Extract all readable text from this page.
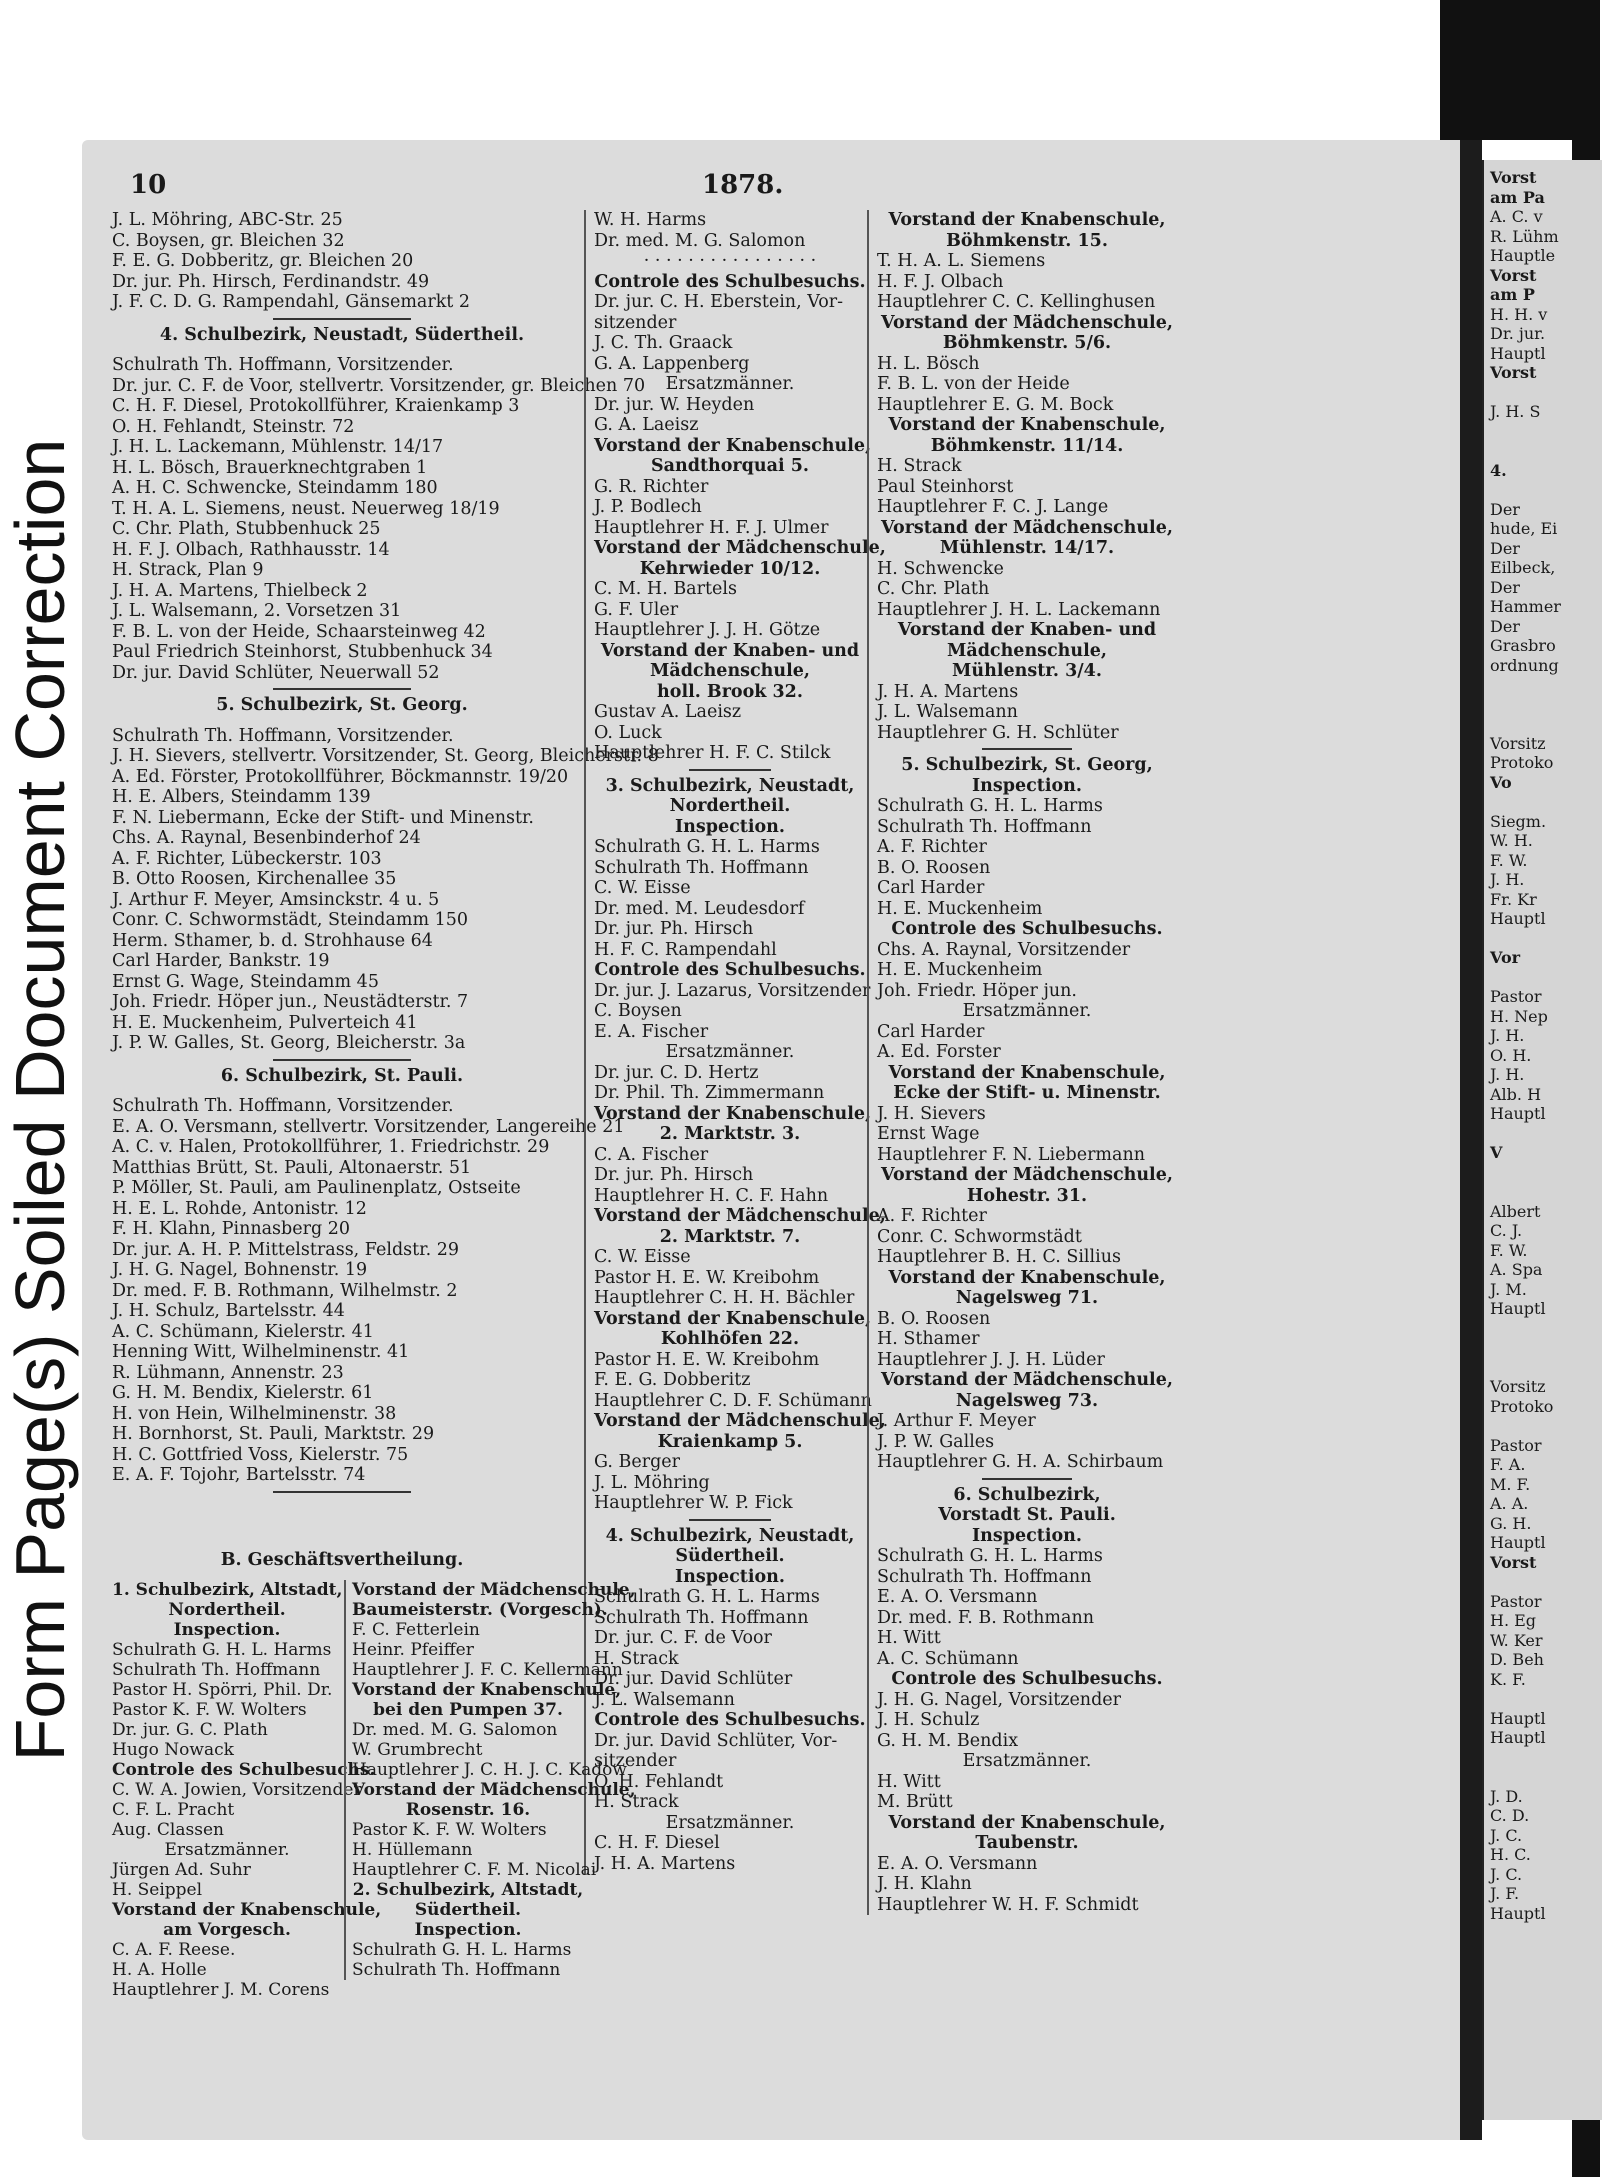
Form Page(s) Soiled Document Correction
10	1878.
J. L. Möhring, ABC-Str. 25
C. Boysen, gr. Bleichen 32
F. E. G. Dobberitz, gr. Bleichen 20
Dr. jur. Ph. Hirsch, Ferdinandstr. 49
J. F. C. D. G. Rampendahl, Gänsemarkt 2
4. Schulbezirk, Neustadt, Südertheil.
Schulrath Th. Hoffmann, Vorsitzender.
Dr. jur. C. F. de Voor, stellvertr. Vorsitzender, gr. Bleichen 70
C. H. F. Diesel, Protokollführer, Kraienkamp 3
O. H. Fehlandt, Steinstr. 72
J. H. L. Lackemann, Mühlenstr. 14/17
H. L. Bösch, Brauerknechtgraben 1
A. H. C. Schwencke, Steindamm 180
T. H. A. L. Siemens, neust. Neuerweg 18/19
C. Chr. Plath, Stubbenhuck 25
H. F. J. Olbach, Rathhausstr. 14
H. Strack, Plan 9
J. H. A. Martens, Thielbeck 2
J. L. Walsemann, 2. Vorsetzen 31
F. B. L. von der Heide, Schaarsteinweg 42
Paul Friedrich Steinhorst, Stubbenhuck 34
Dr. jur. David Schlüter, Neuerwall 52
5. Schulbezirk, St. Georg.
Schulrath Th. Hoffmann, Vorsitzender.
J. H. Sievers, stellvertr. Vorsitzender, St. Georg, Bleicherstr. 8
A. Ed. Förster, Protokollführer, Böckmannstr. 19/20
H. E. Albers, Steindamm 139
F. N. Liebermann, Ecke der Stift- und Minenstr.
Chs. A. Raynal, Besenbinderhof 24
A. F. Richter, Lübeckerstr. 103
B. Otto Roosen, Kirchenallee 35
J. Arthur F. Meyer, Amsinckstr. 4 u. 5
Conr. C. Schwormstädt, Steindamm 150
Herm. Sthamer, b. d. Strohhause 64
Carl Harder, Bankstr. 19
Ernst G. Wage, Steindamm 45
Joh. Friedr. Höper jun., Neustädterstr. 7
H. E. Muckenheim, Pulverteich 41
J. P. W. Galles, St. Georg, Bleicherstr. 3a
6. Schulbezirk, St. Pauli.
Schulrath Th. Hoffmann, Vorsitzender.
E. A. O. Versmann, stellvertr. Vorsitzender, Langereihe 21
A. C. v. Halen, Protokollführer, 1. Friedrichstr. 29
Matthias Brütt, St. Pauli, Altonaerstr. 51
P. Möller, St. Pauli, am Paulinenplatz, Ostseite
H. E. L. Rohde, Antonistr. 12
F. H. Klahn, Pinnasberg 20
Dr. jur. A. H. P. Mittelstrass, Feldstr. 29
J. H. G. Nagel, Bohnenstr. 19
Dr. med. F. B. Rothmann, Wilhelmstr. 2
J. H. Schulz, Bartelsstr. 44
A. C. Schümann, Kielerstr. 41
Henning Witt, Wilhelminenstr. 41
R. Lühmann, Annenstr. 23
G. H. M. Bendix, Kielerstr. 61
H. von Hein, Wilhelminenstr. 38
H. Bornhorst, St. Pauli, Marktstr. 29
H. C. Gottfried Voss, Kielerstr. 75
E. A. F. Tojohr, Bartelsstr. 74
W. H. Harms
Dr. med. M. G. Salomon
· · · · · · · · · · · · · · · ·
Controle des Schulbesuchs.
Dr. jur. C. H. Eberstein, Vor-
sitzender
J. C. Th. Graack
G. A. Lappenberg
Ersatzmänner.
Dr. jur. W. Heyden
G. A. Laeisz
Vorstand der Knabenschule,
Sandthorquai 5.
G. R. Richter
J. P. Bodlech
Hauptlehrer H. F. J. Ulmer
Vorstand der Mädchenschule,
Kehrwieder 10/12.
C. M. H. Bartels
G. F. Uler
Hauptlehrer J. J. H. Götze
Vorstand der Knaben- und
Mädchenschule,
holl. Brook 32.
Gustav A. Laeisz
O. Luck
Hauptlehrer H. F. C. Stilck
3. Schulbezirk, Neustadt,
Nordertheil.
Inspection.
Schulrath G. H. L. Harms
Schulrath Th. Hoffmann
C. W. Eisse
Dr. med. M. Leudesdorf
Dr. jur. Ph. Hirsch
H. F. C. Rampendahl
Controle des Schulbesuchs.
Dr. jur. J. Lazarus, Vorsitzender
C. Boysen
E. A. Fischer
Ersatzmänner.
Dr. jur. C. D. Hertz
Dr. Phil. Th. Zimmermann
Vorstand der Knabenschule,
2. Marktstr. 3.
C. A. Fischer
Dr. jur. Ph. Hirsch
Hauptlehrer H. C. F. Hahn
Vorstand der Mädchenschule,
2. Marktstr. 7.
C. W. Eisse
Pastor H. E. W. Kreibohm
Hauptlehrer C. H. H. Bächler
Vorstand der Knabenschule,
Kohlhöfen 22.
Pastor H. E. W. Kreibohm
F. E. G. Dobberitz
Hauptlehrer C. D. F. Schümann
Vorstand der Mädchenschule,
Kraienkamp 5.
G. Berger
J. L. Möhring
Hauptlehrer W. P. Fick
4. Schulbezirk, Neustadt,
Südertheil.
Inspection.
Schulrath G. H. L. Harms
Schulrath Th. Hoffmann
Dr. jur. C. F. de Voor
H. Strack
Dr. jur. David Schlüter
J. L. Walsemann
Controle des Schulbesuchs.
Dr. jur. David Schlüter, Vor-
sitzender
O. H. Fehlandt
H. Strack
Ersatzmänner.
C. H. F. Diesel
J. H. A. Martens
Vorstand der Knabenschule,
Böhmkenstr. 15.
T. H. A. L. Siemens
H. F. J. Olbach
Hauptlehrer C. C. Kellinghusen
Vorstand der Mädchenschule,
Böhmkenstr. 5/6.
H. L. Bösch
F. B. L. von der Heide
Hauptlehrer E. G. M. Bock
Vorstand der Knabenschule,
Böhmkenstr. 11/14.
H. Strack
Paul Steinhorst
Hauptlehrer F. C. J. Lange
Vorstand der Mädchenschule,
Mühlenstr. 14/17.
H. Schwencke
C. Chr. Plath
Hauptlehrer J. H. L. Lackemann
Vorstand der Knaben- und
Mädchenschule,
Mühlenstr. 3/4.
J. H. A. Martens
J. L. Walsemann
Hauptlehrer G. H. Schlüter
5. Schulbezirk, St. Georg,
Inspection.
Schulrath G. H. L. Harms
Schulrath Th. Hoffmann
A. F. Richter
B. O. Roosen
Carl Harder
H. E. Muckenheim
Controle des Schulbesuchs.
Chs. A. Raynal, Vorsitzender
H. E. Muckenheim
Joh. Friedr. Höper jun.
Ersatzmänner.
Carl Harder
A. Ed. Forster
Vorstand der Knabenschule,
Ecke der Stift- u. Minenstr.
J. H. Sievers
Ernst Wage
Hauptlehrer F. N. Liebermann
Vorstand der Mädchenschule,
Hohestr. 31.
A. F. Richter
Conr. C. Schwormstädt
Hauptlehrer B. H. C. Sillius
Vorstand der Knabenschule,
Nagelsweg 71.
B. O. Roosen
H. Sthamer
Hauptlehrer J. J. H. Lüder
Vorstand der Mädchenschule,
Nagelsweg 73.
J. Arthur F. Meyer
J. P. W. Galles
Hauptlehrer G. H. A. Schirbaum
6. Schulbezirk,
Vorstadt St. Pauli.
Inspection.
Schulrath G. H. L. Harms
Schulrath Th. Hoffmann
E. A. O. Versmann
Dr. med. F. B. Rothmann
H. Witt
A. C. Schümann
Controle des Schulbesuchs.
J. H. G. Nagel, Vorsitzender
J. H. Schulz
G. H. M. Bendix
Ersatzmänner.
H. Witt
M. Brütt
Vorstand der Knabenschule,
Taubenstr.
E. A. O. Versmann
J. H. Klahn
Hauptlehrer W. H. F. Schmidt
B. Geschäftsvertheilung.
1. Schulbezirk, Altstadt,
Nordertheil.
Inspection.
Schulrath G. H. L. Harms
Schulrath Th. Hoffmann
Pastor H. Spörri, Phil. Dr.
Pastor K. F. W. Wolters
Dr. jur. G. C. Plath
Hugo Nowack
Controle des Schulbesuchs.
C. W. A. Jowien, Vorsitzender
C. F. L. Pracht
Aug. Classen
Ersatzmänner.
Jürgen Ad. Suhr
H. Seippel
Vorstand der Knabenschule,
am Vorgesch.
C. A. F. Reese.
H. A. Holle
Hauptlehrer J. M. Corens
Vorstand der Mädchenschule,
Baumeisterstr. (Vorgesch).
F. C. Fetterlein
Heinr. Pfeiffer
Hauptlehrer J. F. C. Kellermann
Vorstand der Knabenschule,
bei den Pumpen 37.
Dr. med. M. G. Salomon
W. Grumbrecht
Hauptlehrer J. C. H. J. C. Kadow
Vorstand der Mädchenschule,
Rosenstr. 16.
Pastor K. F. W. Wolters
H. Hüllemann
Hauptlehrer C. F. M. Nicolai
2. Schulbezirk, Altstadt,
Südertheil.
Inspection.
Schulrath G. H. L. Harms
Schulrath Th. Hoffmann
Vorst
am Pa
A. C. v
R. Lühm
Hauptle
Vorst
am P
H. H. v
Dr. jur.
Hauptl
Vorst

J. H. S

4.

Der
hude, Ei
Der
Eilbeck,
Der
Hammer
Der
Grasbro
ordnung

Vorsitz
Protoko
Vo

Siegm.
W. H.
F. W.
J. H.
Fr. Kr
Hauptl

Vor

Pastor
H. Nep
J. H.
O. H.
J. H.
Alb. H
Hauptl

V

Albert
C. J.
F. W.
A. Spa
J. M.
Hauptl

Vorsitz
Protoko

Pastor
F. A.
M. F.
A. A.
G. H.
Hauptl
Vorst

Pastor
H. Eg
W. Ker
D. Beh
K. F.

Hauptl
Hauptl

J. D.
C. D.
J. C.
H. C.
J. C.
J. F.
Hauptl
